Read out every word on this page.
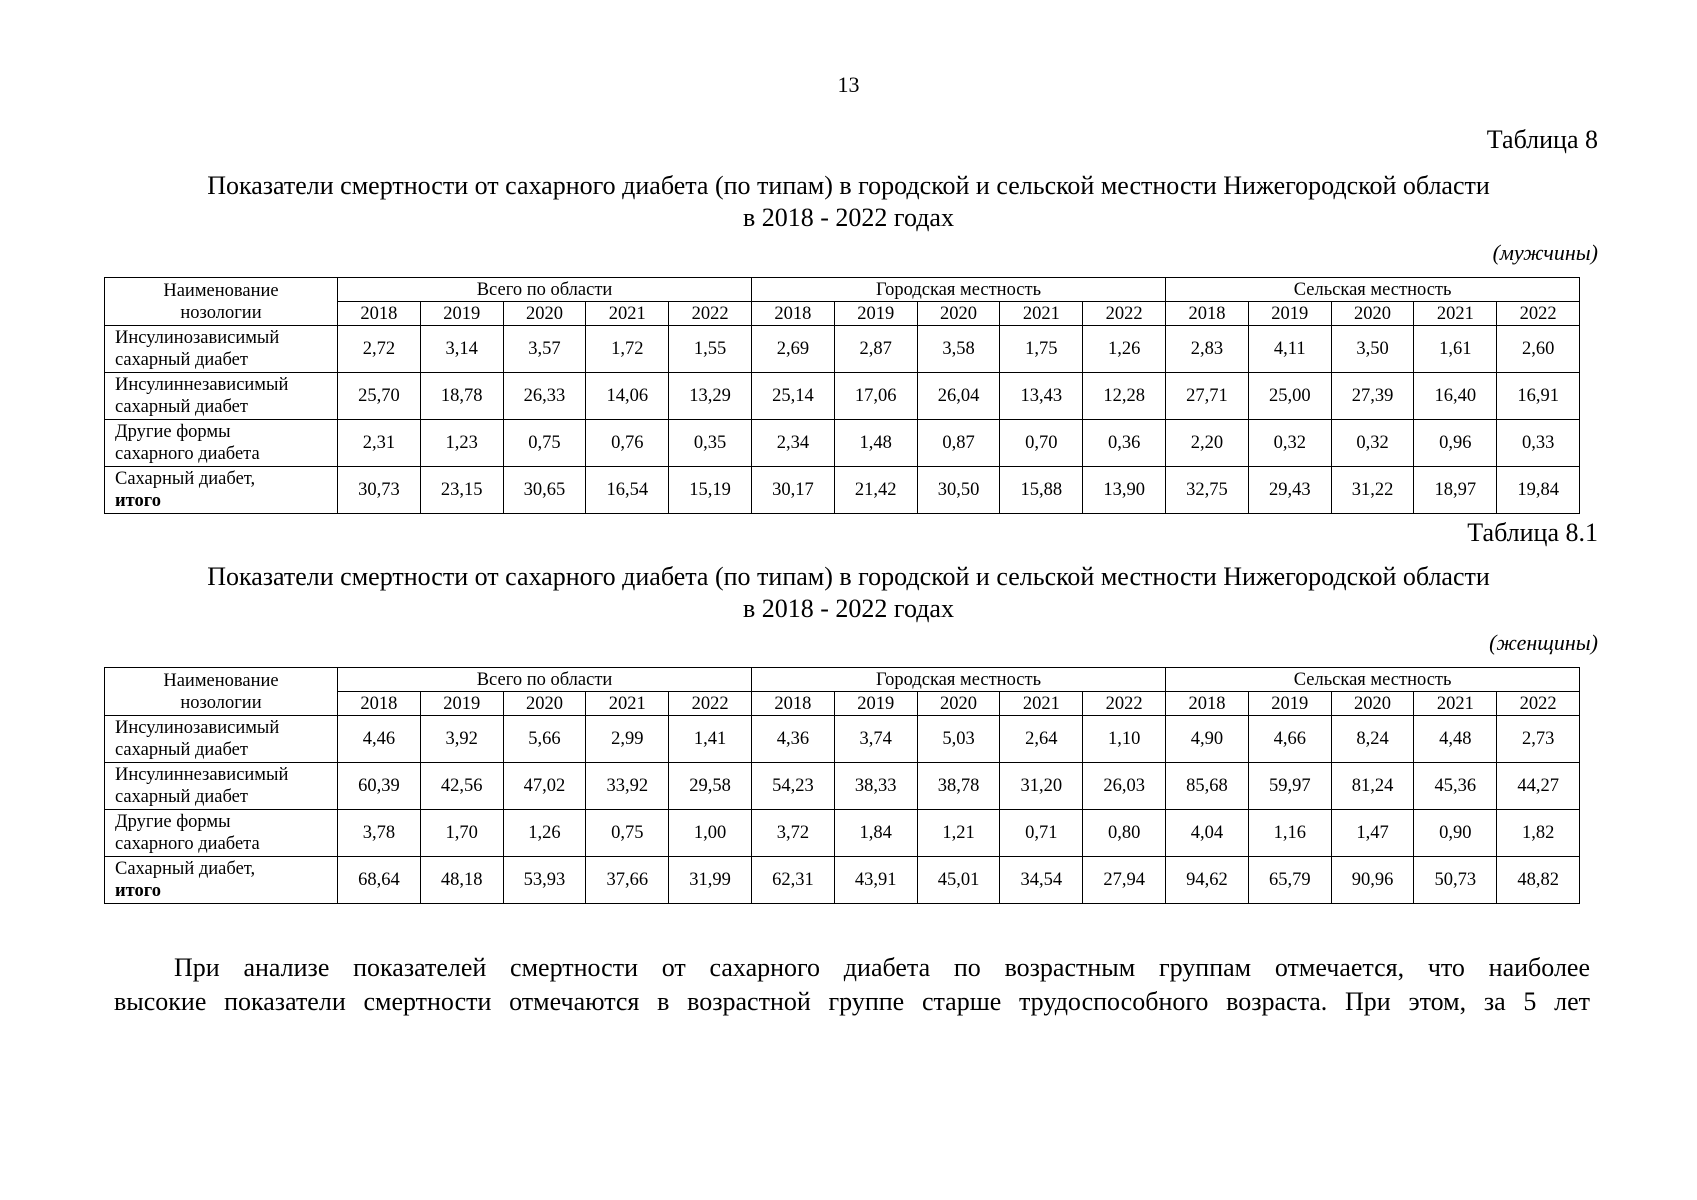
13
Таблица 8
Показатели смертности от сахарного диабета (по типам) в городской и сельской местности Нижегородской области
в 2018 - 2022 годах
(мужчины)
Наименование
нозологии	Всего по области					Городская местность					Сельская местность				
	2018	2019	2020	2021	2022	2018	2019	2020	2021	2022	2018	2019	2020	2021	2022

Инсулинозависимый
сахарный диабет	2,72	3,14	3,57	1,72	1,55	2,69	2,87	3,58	1,75	1,26	2,83	4,11	3,50	1,61	2,60

Инсулиннезависимый
сахарный диабет	25,70	18,78	26,33	14,06	13,29	25,14	17,06	26,04	13,43	12,28	27,71	25,00	27,39	16,40	16,91

Другие формы
сахарного диабета	2,31	1,23	0,75	0,76	0,35	2,34	1,48	0,87	0,70	0,36	2,20	0,32	0,32	0,96	0,33

Сахарный диабет,
итого	30,73	23,15	30,65	16,54	15,19	30,17	21,42	30,50	15,88	13,90	32,75	29,43	31,22	18,97	19,84
Таблица 8.1
Показатели смертности от сахарного диабета (по типам) в городской и сельской местности Нижегородской области
в 2018 - 2022 годах
(женщины)
Наименование
нозологии	Всего по области					Городская местность					Сельская местность				
	2018	2019	2020	2021	2022	2018	2019	2020	2021	2022	2018	2019	2020	2021	2022

Инсулинозависимый
сахарный диабет	4,46	3,92	5,66	2,99	1,41	4,36	3,74	5,03	2,64	1,10	4,90	4,66	8,24	4,48	2,73

Инсулиннезависимый
сахарный диабет	60,39	42,56	47,02	33,92	29,58	54,23	38,33	38,78	31,20	26,03	85,68	59,97	81,24	45,36	44,27

Другие формы
сахарного диабета	3,78	1,70	1,26	0,75	1,00	3,72	1,84	1,21	0,71	0,80	4,04	1,16	1,47	0,90	1,82

Сахарный диабет,
итого	68,64	48,18	53,93	37,66	31,99	62,31	43,91	45,01	34,54	27,94	94,62	65,79	90,96	50,73	48,82
При анализе показателей смертности от сахарного диабета по возрастным группам отмечается, что наиболее
высокие показатели смертности отмечаются в возрастной группе старше трудоспособного возраста. При этом, за 5 лет
